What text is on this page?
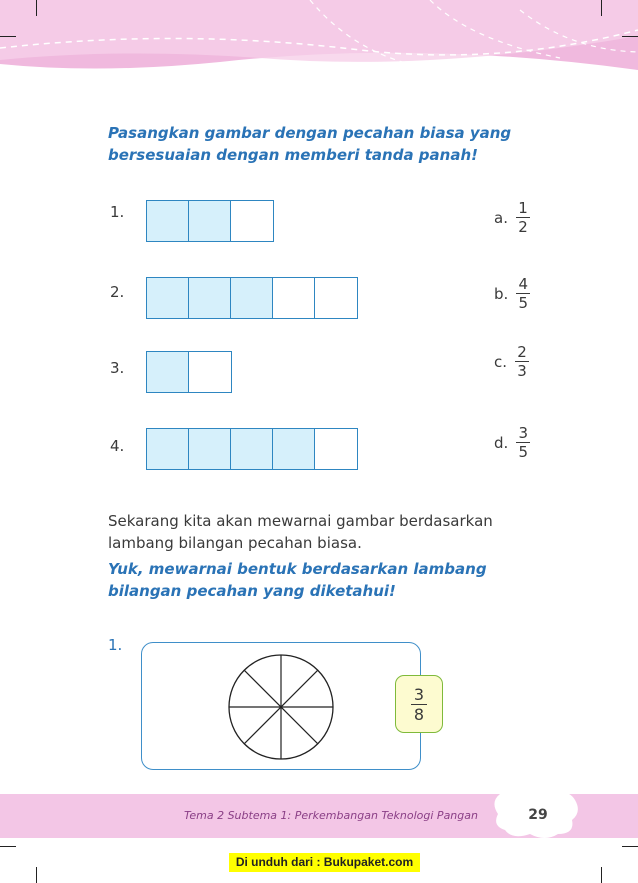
Pasangkan gambar dengan pecahan biasa yang
bersesuaian dengan memberi tanda panah!
1.
2.
3.
4.
a. $\frac{1}{2}$
b. $\frac{4}{5}$
c. $\frac{2}{3}$
d. $\frac{3}{5}$
Sekarang kita akan mewarnai gambar berdasarkan
lambang bilangan pecahan biasa.
Yuk, mewarnai bentuk berdasarkan lambang
bilangan pecahan yang diketahui!
1.
3
8
Tema 2 Subtema 1: Perkembangan Teknologi Pangan	29
Di unduh dari : Bukupaket.com
